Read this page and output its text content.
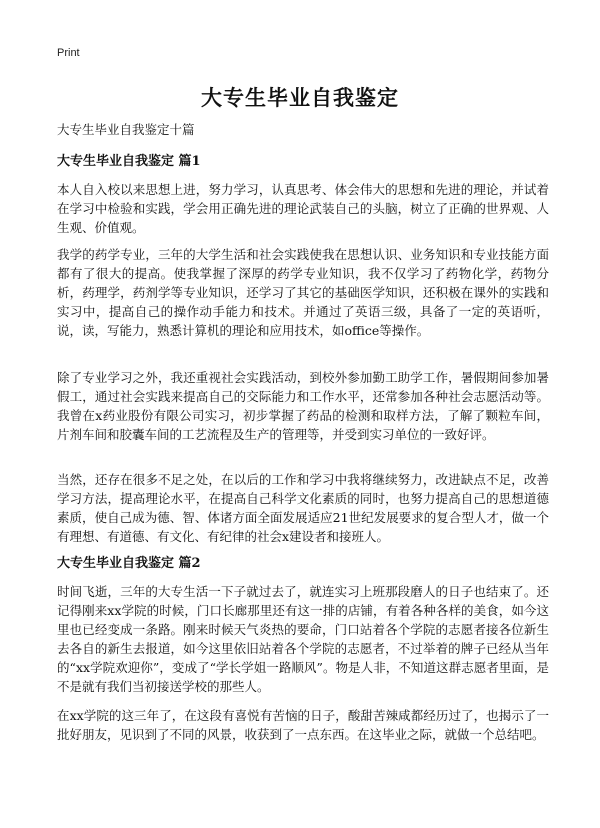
Print
大专生毕业自我鉴定
大专生毕业自我鉴定十篇

大专生毕业自我鉴定 篇1

本人自入校以来思想上进，努力学习，认真思考、体会伟大的思想和先进的理论，并试着在学习中检验和实践，学会用正确先进的理论武装自己的头脑，树立了正确的世界观、人生观、价值观。

我学的药学专业，三年的大学生活和社会实践使我在思想认识、业务知识和专业技能方面都有了很大的提高。使我掌握了深厚的药学专业知识，我不仅学习了药物化学，药物分析，药理学，药剂学等专业知识，还学习了其它的基础医学知识，还积极在课外的实践和实习中，提高自己的操作动手能力和技术。并通过了英语三级，具备了一定的英语听，说，读，写能力，熟悉计算机的理论和应用技术，如office等操作。

除了专业学习之外，我还重视社会实践活动，到校外参加勤工助学工作，暑假期间参加暑假工，通过社会实践来提高自己的交际能力和工作水平，还常参加各种社会志愿活动等。我曾在x药业股份有限公司实习，初步掌握了药品的检测和取样方法，了解了颗粒车间，片剂车间和胶囊车间的工艺流程及生产的管理等，并受到实习单位的一致好评。

当然，还存在很多不足之处，在以后的工作和学习中我将继续努力，改进缺点不足，改善学习方法，提高理论水平，在提高自己科学文化素质的同时，也努力提高自己的思想道德素质，使自己成为德、智、体诸方面全面发展适应21世纪发展要求的复合型人才，做一个有理想、有道德、有文化、有纪律的社会x建设者和接班人。

大专生毕业自我鉴定 篇2

时间飞逝，三年的大专生活一下子就过去了，就连实习上班那段磨人的日子也结束了。还记得刚来xx学院的时候，门口长廊那里还有这一排的店铺，有着各种各样的美食，如今这里也已经变成一条路。刚来时候天气炎热的要命，门口站着各个学院的志愿者接各位新生去各自的新生去报道，如今这里依旧站着各个学院的志愿者，不过举着的牌子已经从当年的“xx学院欢迎你”，变成了“学长学姐一路顺风”。物是人非，不知道这群志愿者里面，是不是就有我们当初接送学校的那些人。

在xx学院的这三年了，在这段有喜悦有苦恼的日子，酸甜苦辣咸都经历过了，也揭示了一批好朋友，见识到了不同的风景，收获到了一点东西。在这毕业之际，就做一个总结吧。
